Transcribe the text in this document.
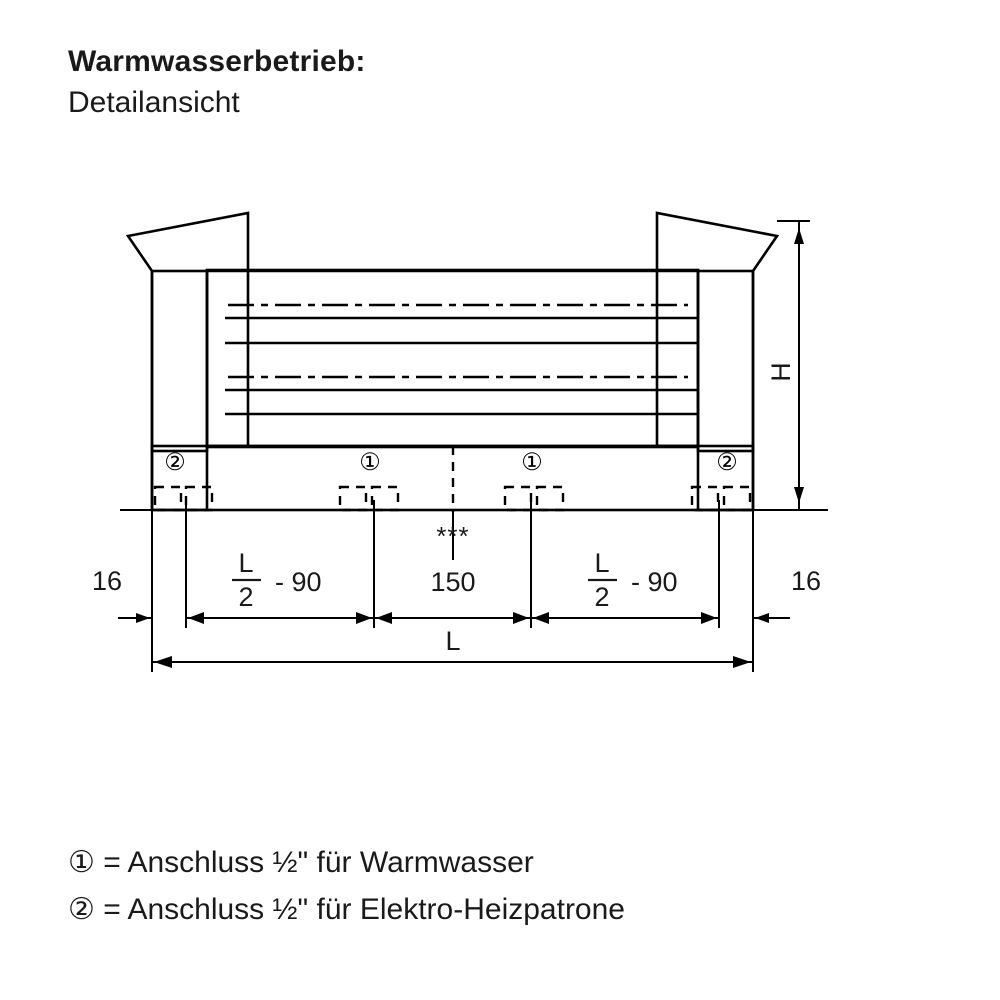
Warmwasserbetrieb:

Detailansicht

②	①	①	②
H
16	16
L
2 - 90
***
150
L
2 - 90
L
① = Anschluss ½" für Warmwasser
② = Anschluss ½" für Elektro-Heizpatrone
